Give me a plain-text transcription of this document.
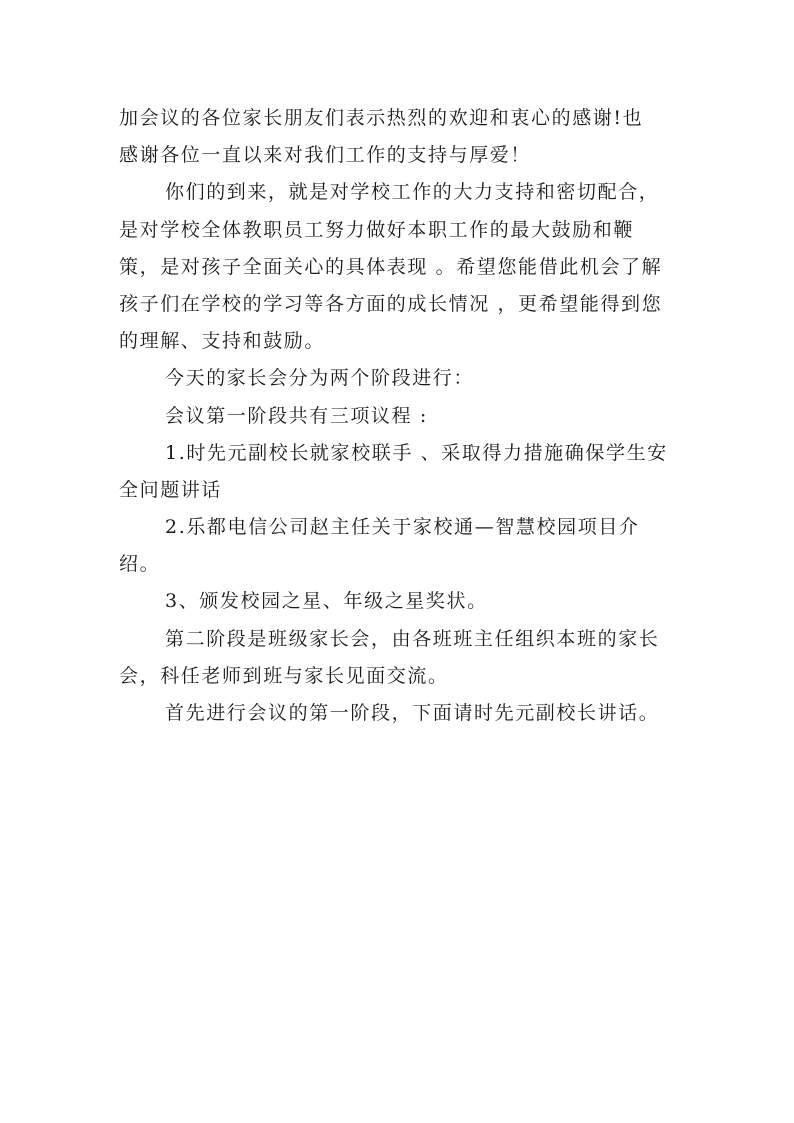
加会议的各位家长朋友们表示热烈的欢迎和衷心的感谢!也
感谢各位一直以来对我们工作的支持与厚爱！
你们的到来，就是对学校工作的大力支持和密切配合，
是对学校全体教职员工努力做好本职工作的最大鼓励和鞭
策，是对孩子全面关心的具体表现 。希望您能借此机会了解
孩子们在学校的学习等各方面的成长情况 ，更希望能得到您
的理解、支持和鼓励。
今天的家长会分为两个阶段进行：
会议第一阶段共有三项议程 :
1.时先元副校长就家校联手 、采取得力措施确保学生安
全问题讲话
2.乐都电信公司赵主任关于家校通—智慧校园项目介
绍。
3、颁发校园之星、年级之星奖状。
第二阶段是班级家长会，由各班班主任组织本班的家长
会，科任老师到班与家长见面交流。
首先进行会议的第一阶段，下面请时先元副校长讲话。
